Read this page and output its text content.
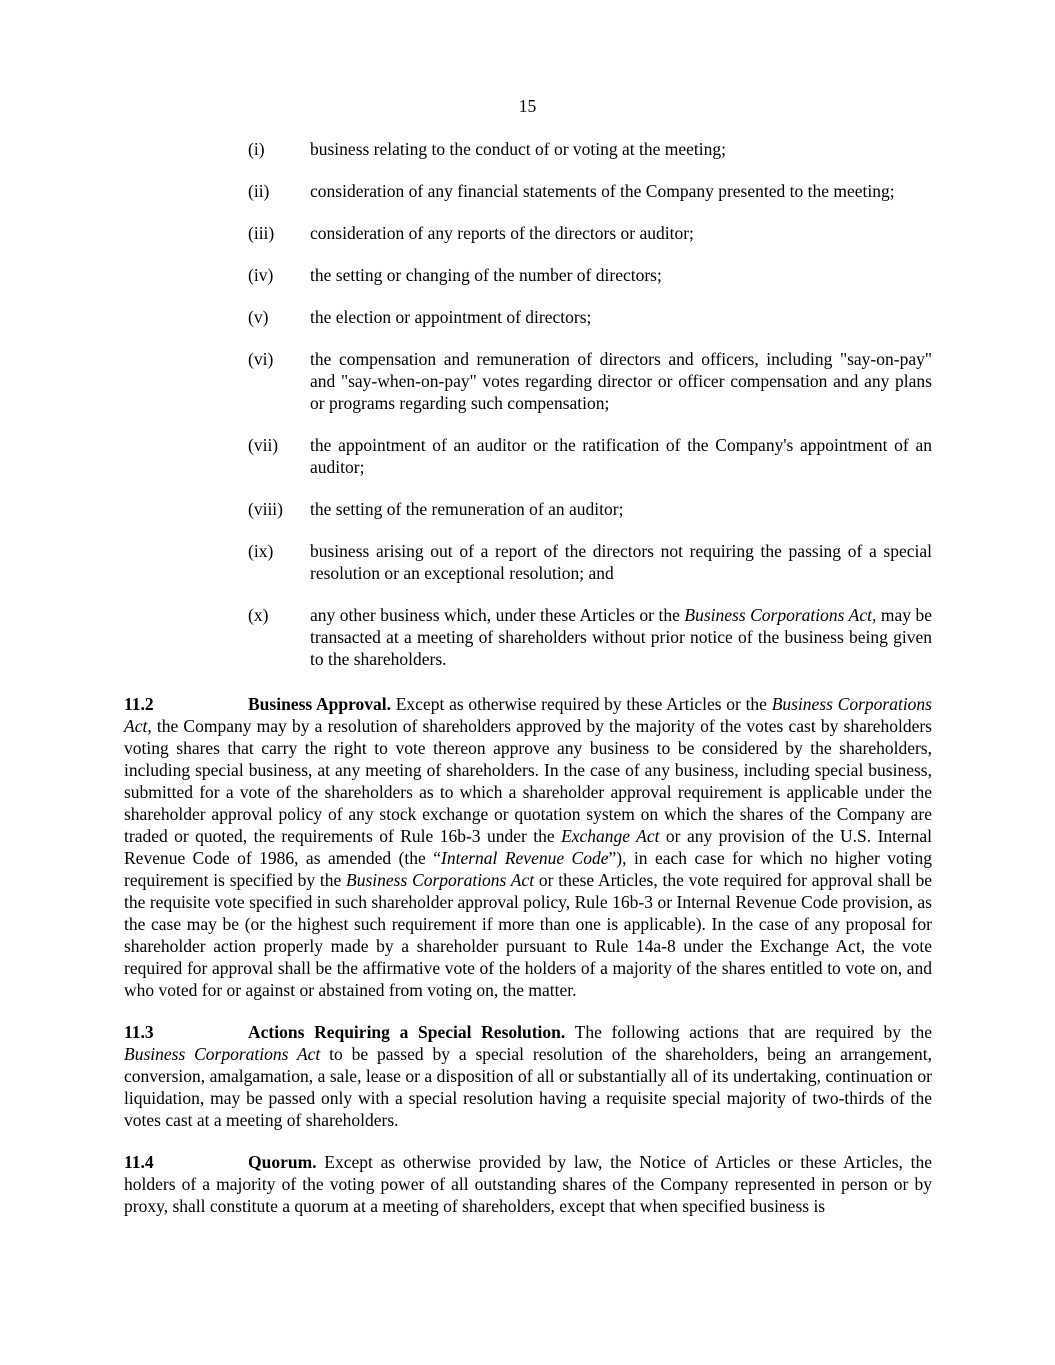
15
(i)	business relating to the conduct of or voting at the meeting;
(ii) consideration of any financial statements of the Company presented to the meeting;
(iii) consideration of any reports of the directors or auditor;
(iv) the setting or changing of the number of directors;
(v) the election or appointment of directors;
(vi) the compensation and remuneration of directors and officers, including "say-on-pay" and "say-when-on-pay" votes regarding director or officer compensation and any plans or programs regarding such compensation;
(vii) the appointment of an auditor or the ratification of the Company's appointment of an auditor;
(viii) the setting of the remuneration of an auditor;
(ix) business arising out of a report of the directors not requiring the passing of a special resolution or an exceptional resolution; and
(x) any other business which, under these Articles or the Business Corporations Act, may be transacted at a meeting of shareholders without prior notice of the business being given to the shareholders.

11.2	Business Approval. Except as otherwise required by these Articles or the Business Corporations Act, the Company may by a resolution of shareholders approved by the majority of the votes cast by shareholders voting shares that carry the right to vote thereon approve any business to be considered by the shareholders, including special business, at any meeting of shareholders. In the case of any business, including special business, submitted for a vote of the shareholders as to which a shareholder approval requirement is applicable under the shareholder approval policy of any stock exchange or quotation system on which the shares of the Company are traded or quoted, the requirements of Rule 16b-3 under the Exchange Act or any provision of the U.S. Internal Revenue Code of 1986, as amended (the “Internal Revenue Code”), in each case for which no higher voting requirement is specified by the Business Corporations Act or these Articles, the vote required for approval shall be the requisite vote specified in such shareholder approval policy, Rule 16b-3 or Internal Revenue Code provision, as the case may be (or the highest such requirement if more than one is applicable). In the case of any proposal for shareholder action properly made by a shareholder pursuant to Rule 14a-8 under the Exchange Act, the vote required for approval shall be the affirmative vote of the holders of a majority of the shares entitled to vote on, and who voted for or against or abstained from voting on, the matter.

11.3	Actions Requiring a Special Resolution. The following actions that are required by the Business Corporations Act to be passed by a special resolution of the shareholders, being an arrangement, conversion, amalgamation, a sale, lease or a disposition of all or substantially all of its undertaking, continuation or liquidation, may be passed only with a special resolution having a requisite special majority of two-thirds of the votes cast at a meeting of shareholders.

11.4	Quorum. Except as otherwise provided by law, the Notice of Articles or these Articles, the holders of a majority of the voting power of all outstanding shares of the Company represented in person or by proxy, shall constitute a quorum at a meeting of shareholders, except that when specified business is
